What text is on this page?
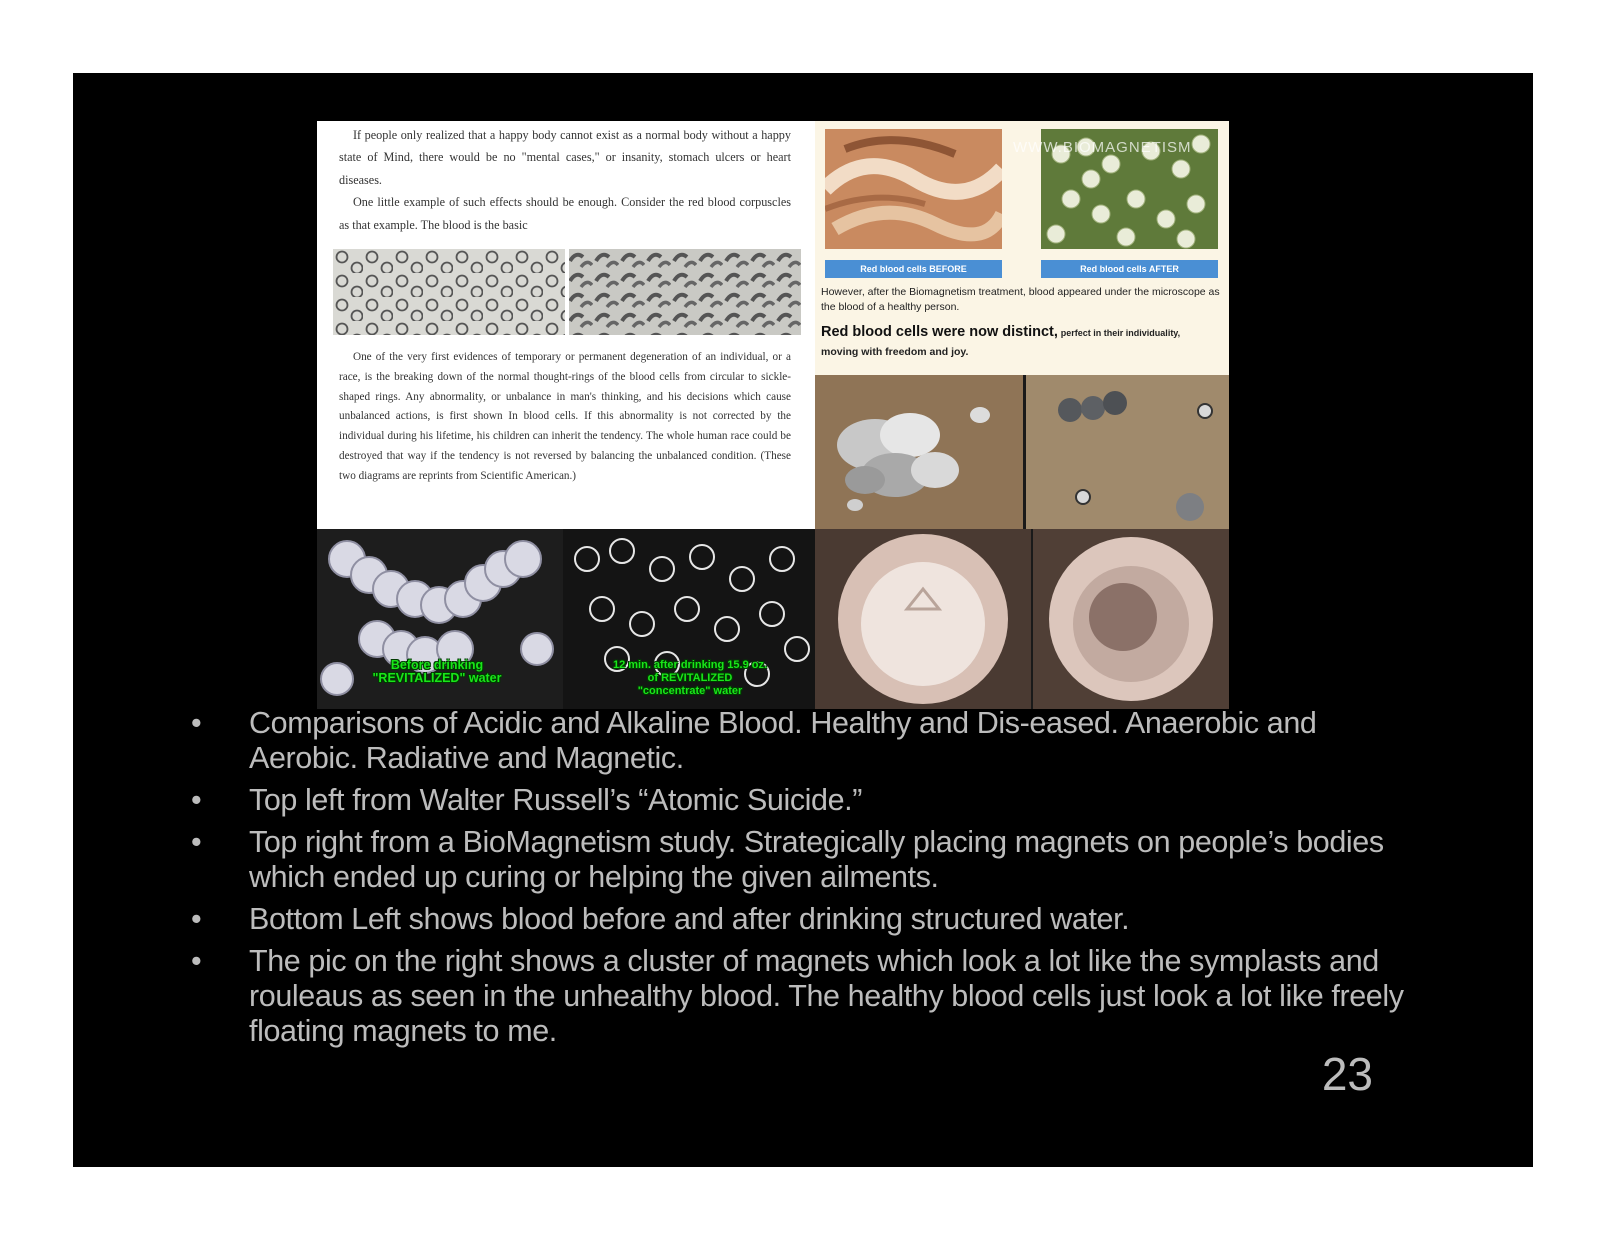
If people only realized that a happy body cannot exist as a normal body without a happy state of Mind, there would be no "mental cases," or insanity, stomach ulcers or heart diseases.
One little example of such effects should be enough. Consider the red blood corpuscles as that example. The blood is the basic

One of the very first evidences of temporary or permanent degeneration of an individual, or a race, is the breaking down of the normal thought-rings of the blood cells from circular to sickle-shaped rings. Any abnormality, or unbalance in man's thinking, and his decisions which cause unbalanced actions, is first shown In blood cells. If this abnormality is not corrected by the individual during his lifetime, his children can inherit the tendency. The whole human race could be destroyed that way if the tendency is not reversed by balancing the unbalanced condition. (These two diagrams are reprints from Scientific American.)

WWW.BIOMAGNETISM
Red blood cells BEFORE	Red blood cells AFTER

However, after the Biomagnetism treatment, blood appeared under the microscope as the blood of a healthy person.

Red blood cells were now distinct, perfect in their individuality,

moving with freedom and joy.

Before drinking
"REVITALIZED" water
12 min. after drinking 15.9 oz.
of REVITALIZED
"concentrate" water
• Comparisons of Acidic and Alkaline Blood. Healthy and Dis-eased. Anaerobic and Aerobic. Radiative and Magnetic.
• Top left from Walter Russell’s “Atomic Suicide.”
• Top right from a BioMagnetism study. Strategically placing magnets on people’s bodies which ended up curing or helping the given ailments.
• Bottom Left shows blood before and after drinking structured water.
• The pic on the right shows a cluster of magnets which look a lot like the symplasts and rouleaus as seen in the unhealthy blood. The healthy blood cells just look a lot like freely floating magnets to me.
23
